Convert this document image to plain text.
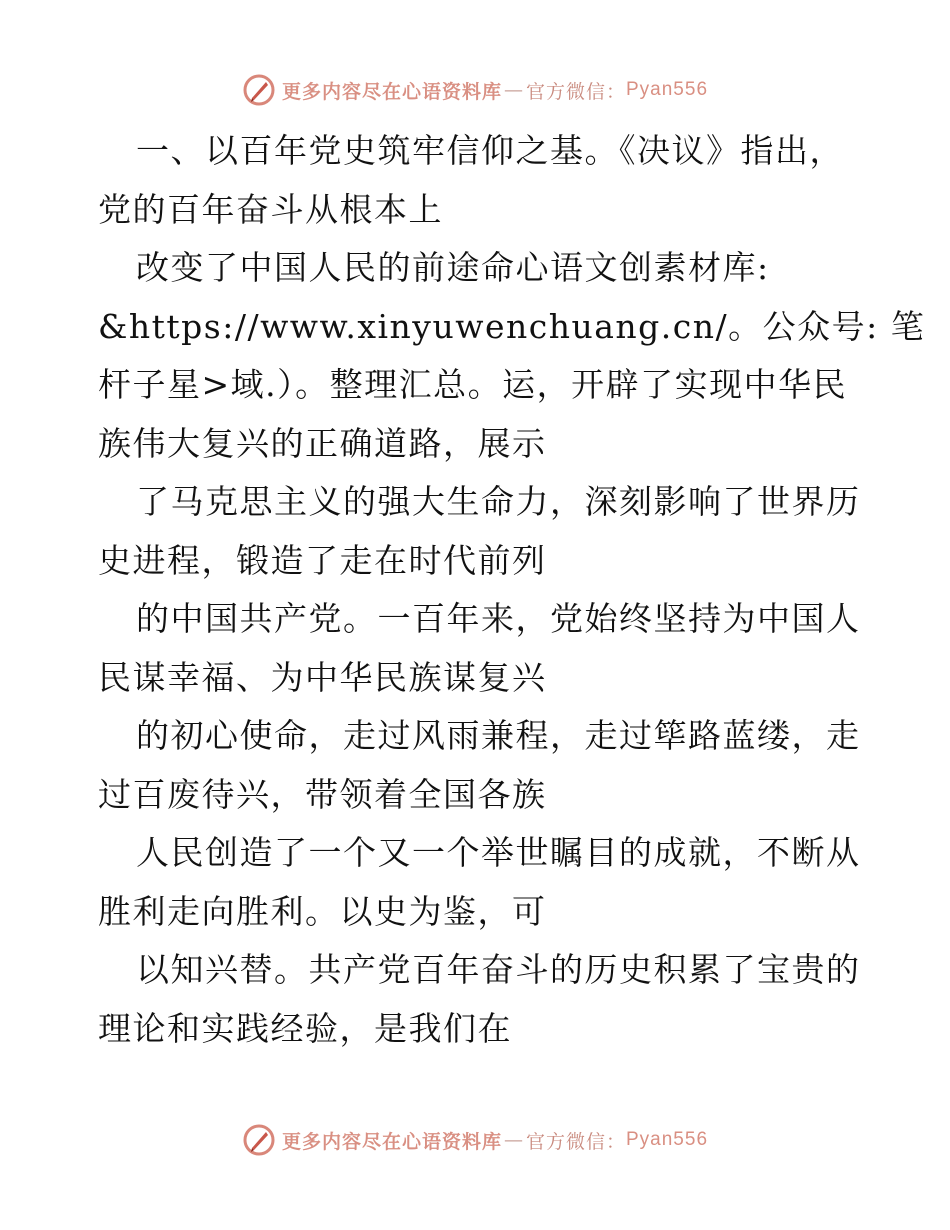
更多内容尽在心语资料库 — 官方微信： Pyan556
一、以百年党史筑牢信仰之基。《决议》指出，
党的百年奋斗从根本上
改变了中国人民的前途命心语文创素材库:
&https://www.xinyuwenchuang.cn/。公众号: 笔
杆子星>域.）。整理汇总。运，开辟了实现中华民
族伟大复兴的正确道路，展示
了马克思主义的强大生命力，深刻影响了世界历
史进程，锻造了走在时代前列
的中国共产党。一百年来，党始终坚持为中国人
民谋幸福、为中华民族谋复兴
的初心使命，走过风雨兼程，走过筚路蓝缕，走
过百废待兴，带领着全国各族
人民创造了一个又一个举世瞩目的成就，不断从
胜利走向胜利。以史为鉴，可
以知兴替。共产党百年奋斗的历史积累了宝贵的
理论和实践经验，是我们在
更多内容尽在心语资料库 — 官方微信： Pyan556
